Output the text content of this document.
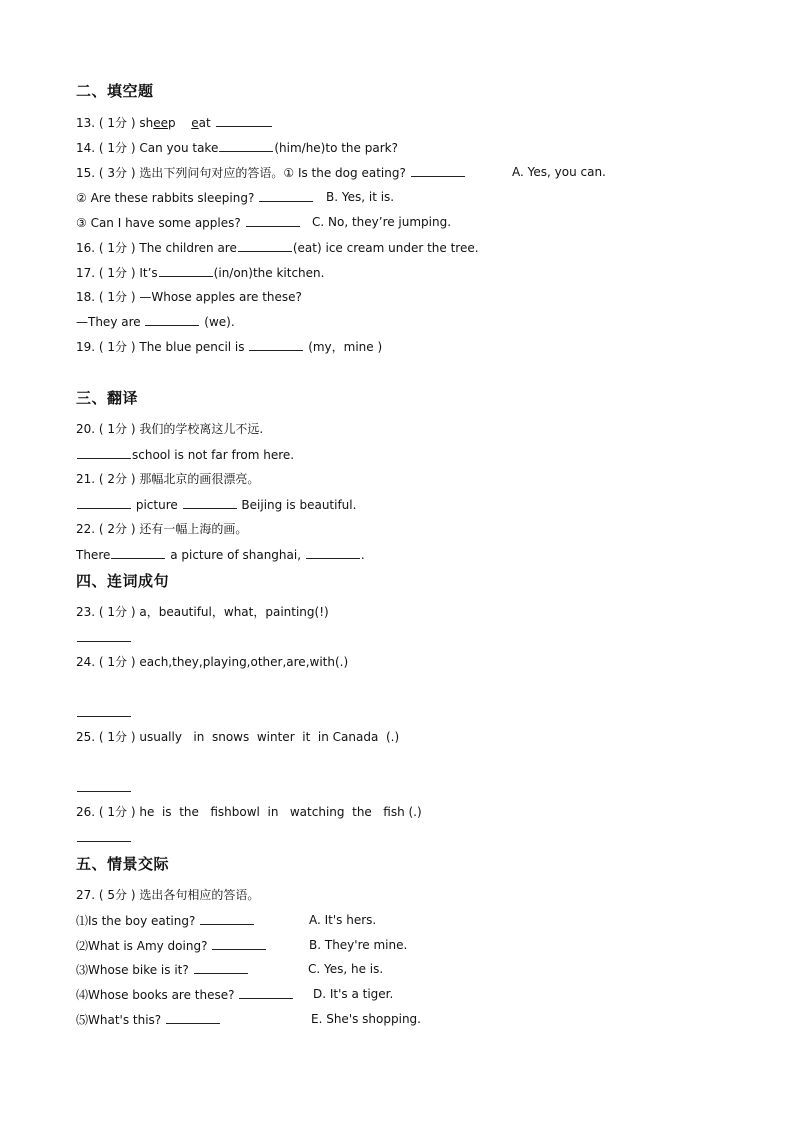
二、填空题
13. ( 1分 ) sheep eat
14. ( 1分 ) Can you take	(him/he)to the park?
15. ( 3分 ) 选出下列问句对应的答语。① Is the dog eating?	A. Yes, you can.
② Are these rabbits sleeping?	B. Yes, it is.
③ Can I have some apples?	C. No, they’re jumping.
16. ( 1分 ) The children are	(eat) ice cream under the tree.
17. ( 1分 ) It’s	(in/on)the kitchen.
18. ( 1分 ) —Whose apples are these?
—They are	(we).
19. ( 1分 ) The blue pencil is	(my，mine )
三、翻译
20. ( 1分 ) 我们的学校离这儿不远.
school is not far from here.
21. ( 2分 ) 那幅北京的画很漂亮。
picture	Beijing is beautiful.
22. ( 2分 ) 还有一幅上海的画。
There	a picture of shanghai,	.
四、连词成句
23. ( 1分 ) a，beautiful，what，painting(!)
24. ( 1分 ) each,they,playing,other,are,with(.)
25. ( 1分 ) usually   in  snows  winter  it  in Canada  (.)
26. ( 1分 ) he  is  the   fishbowl  in   watching  the   fish (.)
五、情景交际
27. ( 5分 ) 选出各句相应的答语。
⑴Is the boy eating?	A. It's hers.
⑵What is Amy doing?	B. They're mine.
⑶Whose bike is it?	C. Yes, he is.
⑷Whose books are these?	D. It's a tiger.
⑸What's this?	E. She's shopping.
